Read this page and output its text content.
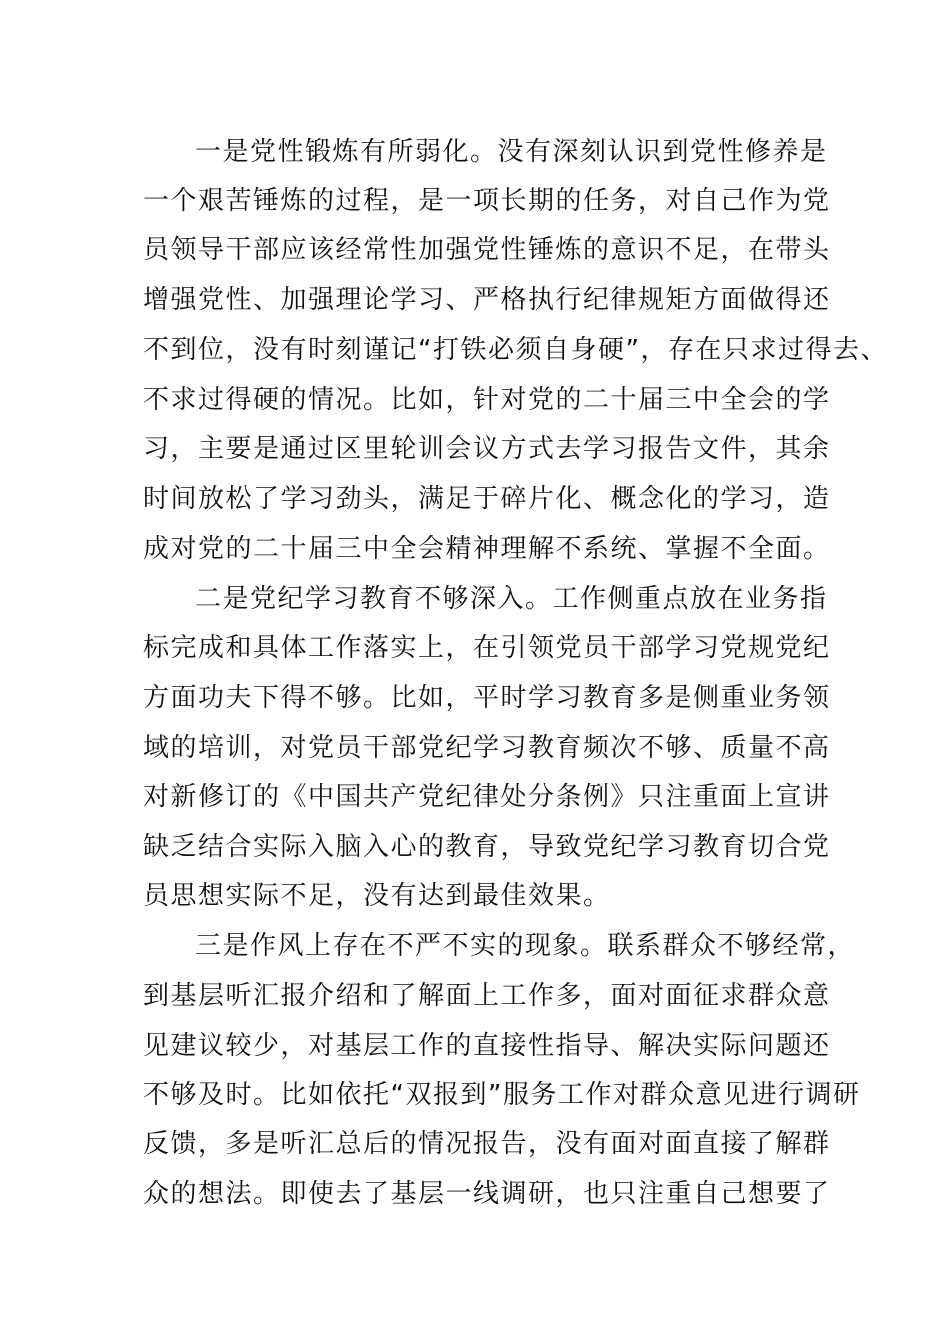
一是党性锻炼有所弱化。没有深刻认识到党性修养是
一个艰苦锤炼的过程，是一项长期的任务，对自己作为党
员领导干部应该经常性加强党性锤炼的意识不足，在带头
增强党性、加强理论学习、严格执行纪律规矩方面做得还
不到位，没有时刻谨记“打铁必须自身硬”，存在只求过得去、
不求过得硬的情况。比如，针对党的二十届三中全会的学
习，主要是通过区里轮训会议方式去学习报告文件，其余
时间放松了学习劲头，满足于碎片化、概念化的学习，造
成对党的二十届三中全会精神理解不系统、掌握不全面。
二是党纪学习教育不够深入。工作侧重点放在业务指
标完成和具体工作落实上，在引领党员干部学习党规党纪
方面功夫下得不够。比如，平时学习教育多是侧重业务领
域的培训，对党员干部党纪学习教育频次不够、质量不高
对新修订的《中国共产党纪律处分条例》只注重面上宣讲
缺乏结合实际入脑入心的教育，导致党纪学习教育切合党
员思想实际不足，没有达到最佳效果。
三是作风上存在不严不实的现象。联系群众不够经常，
到基层听汇报介绍和了解面上工作多，面对面征求群众意
见建议较少，对基层工作的直接性指导、解决实际问题还
不够及时。比如依托“双报到”服务工作对群众意见进行调研
反馈，多是听汇总后的情况报告，没有面对面直接了解群
众的想法。即使去了基层一线调研，也只注重自己想要了
